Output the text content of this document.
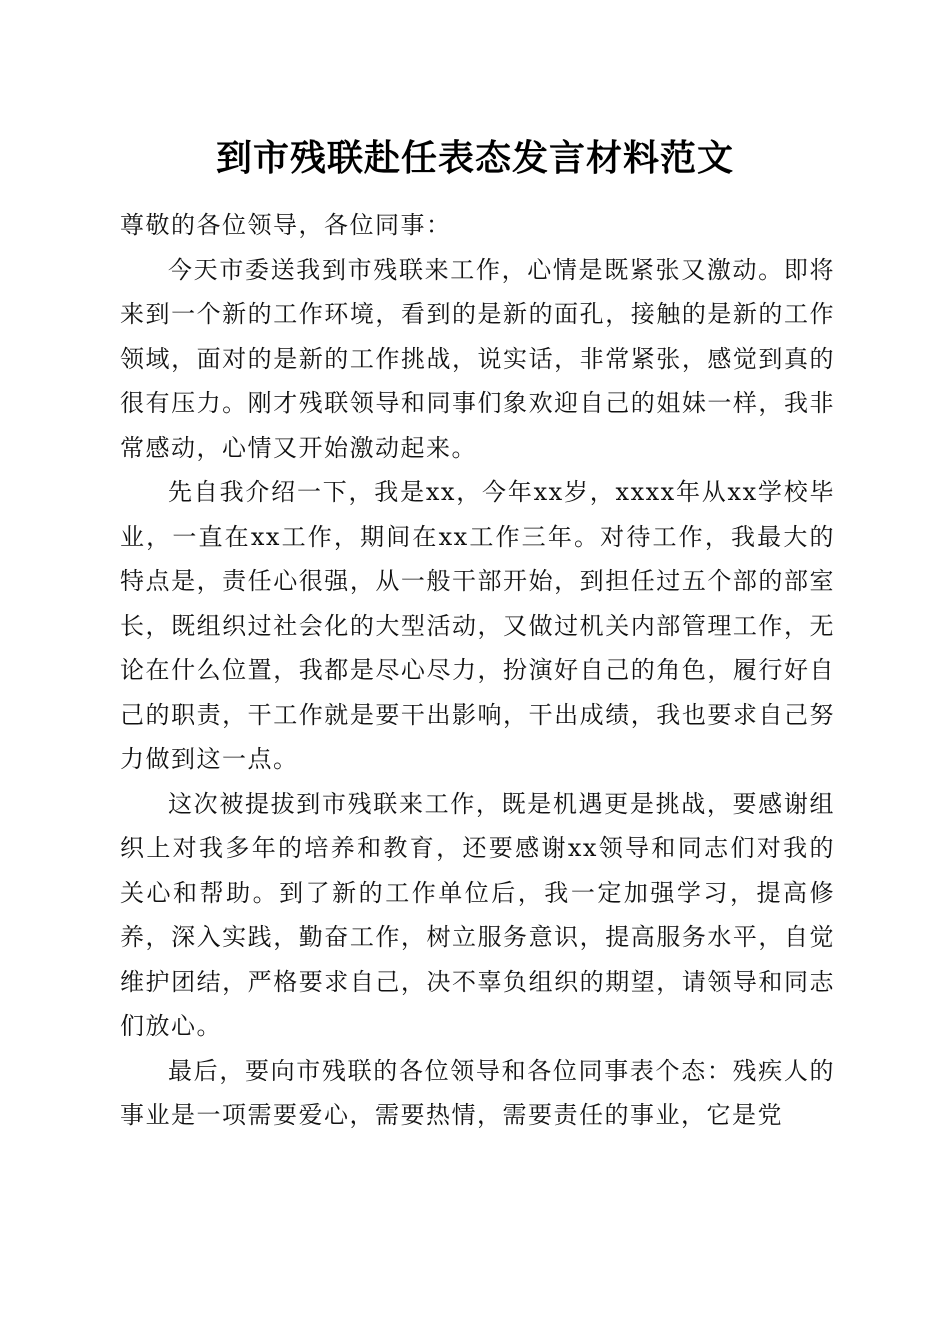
到市残联赴任表态发言材料范文

尊敬的各位领导，各位同事：

今天市委送我到市残联来工作，心情是既紧张又激动。即将来到一个新的工作环境，看到的是新的面孔，接触的是新的工作领域，面对的是新的工作挑战，说实话，非常紧张，感觉到真的很有压力。刚才残联领导和同事们象欢迎自己的姐妹一样，我非常感动，心情又开始激动起来。

先自我介绍一下，我是xx，今年xx岁，xxxx年从xx学校毕业，一直在xx工作，期间在xx工作三年。对待工作，我最大的特点是，责任心很强，从一般干部开始，到担任过五个部的部室长，既组织过社会化的大型活动，又做过机关内部管理工作，无论在什么位置，我都是尽心尽力，扮演好自己的角色，履行好自己的职责，干工作就是要干出影响，干出成绩，我也要求自己努力做到这一点。

这次被提拔到市残联来工作，既是机遇更是挑战，要感谢组织上对我多年的培养和教育，还要感谢xx领导和同志们对我的关心和帮助。到了新的工作单位后，我一定加强学习，提高修养，深入实践，勤奋工作，树立服务意识，提高服务水平，自觉维护团结，严格要求自己，决不辜负组织的期望，请领导和同志们放心。

最后，要向市残联的各位领导和各位同事表个态：残疾人的事业是一项需要爱心，需要热情，需要责任的事业，它是党
